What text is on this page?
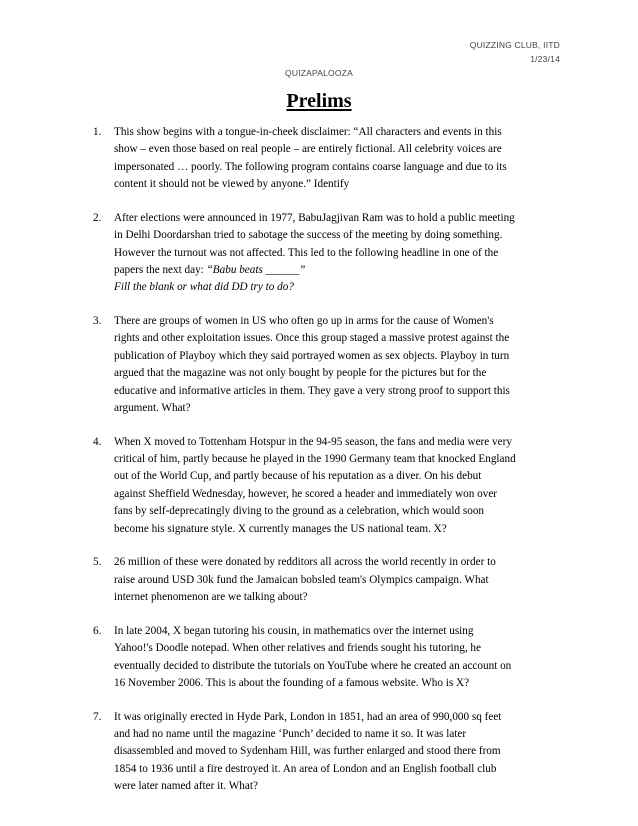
QUIZZING CLUB, IITD
1/23/14
QUIZAPALOOZA
Prelims
1. This show begins with a tongue-in-cheek disclaimer: “All characters and events in this
show – even those based on real people – are entirely fictional. All celebrity voices are
impersonated … poorly. The following program contains coarse language and due to its
content it should not be viewed by anyone.” Identify
2. After elections were announced in 1977, BabuJagjivan Ram was to hold a public meeting
in Delhi Doordarshan tried to sabotage the success of the meeting by doing something.
However the turnout was not affected. This led to the following headline in one of the
papers the next day: “Babu beats ______”
Fill the blank or what did DD try to do?
3. There are groups of women in US who often go up in arms for the cause of Women's
rights and other exploitation issues. Once this group staged a massive protest against the
publication of Playboy which they said portrayed women as sex objects. Playboy in turn
argued that the magazine was not only bought by people for the pictures but for the
educative and informative articles in them. They gave a very strong proof to support this
argument. What?
4. When X moved to Tottenham Hotspur in the 94-95 season, the fans and media were very
critical of him, partly because he played in the 1990 Germany team that knocked England
out of the World Cup, and partly because of his reputation as a diver. On his debut
against Sheffield Wednesday, however, he scored a header and immediately won over
fans by self-deprecatingly diving to the ground as a celebration, which would soon
become his signature style. X currently manages the US national team. X?
5. 26 million of these were donated by redditors all across the world recently in order to
raise around USD 30k fund the Jamaican bobsled team's Olympics campaign. What
internet phenomenon are we talking about?
6. In late 2004, X began tutoring his cousin, in mathematics over the internet using
Yahoo!'s Doodle notepad. When other relatives and friends sought his tutoring, he
eventually decided to distribute the tutorials on YouTube where he created an account on
16 November 2006. This is about the founding of a famous website. Who is X?
7. It was originally erected in Hyde Park, London in 1851, had an area of 990,000 sq feet
and had no name until the magazine ‘Punch’ decided to name it so. It was later
disassembled and moved to Sydenham Hill, was further enlarged and stood there from
1854 to 1936 until a fire destroyed it. An area of London and an English football club
were later named after it. What?
